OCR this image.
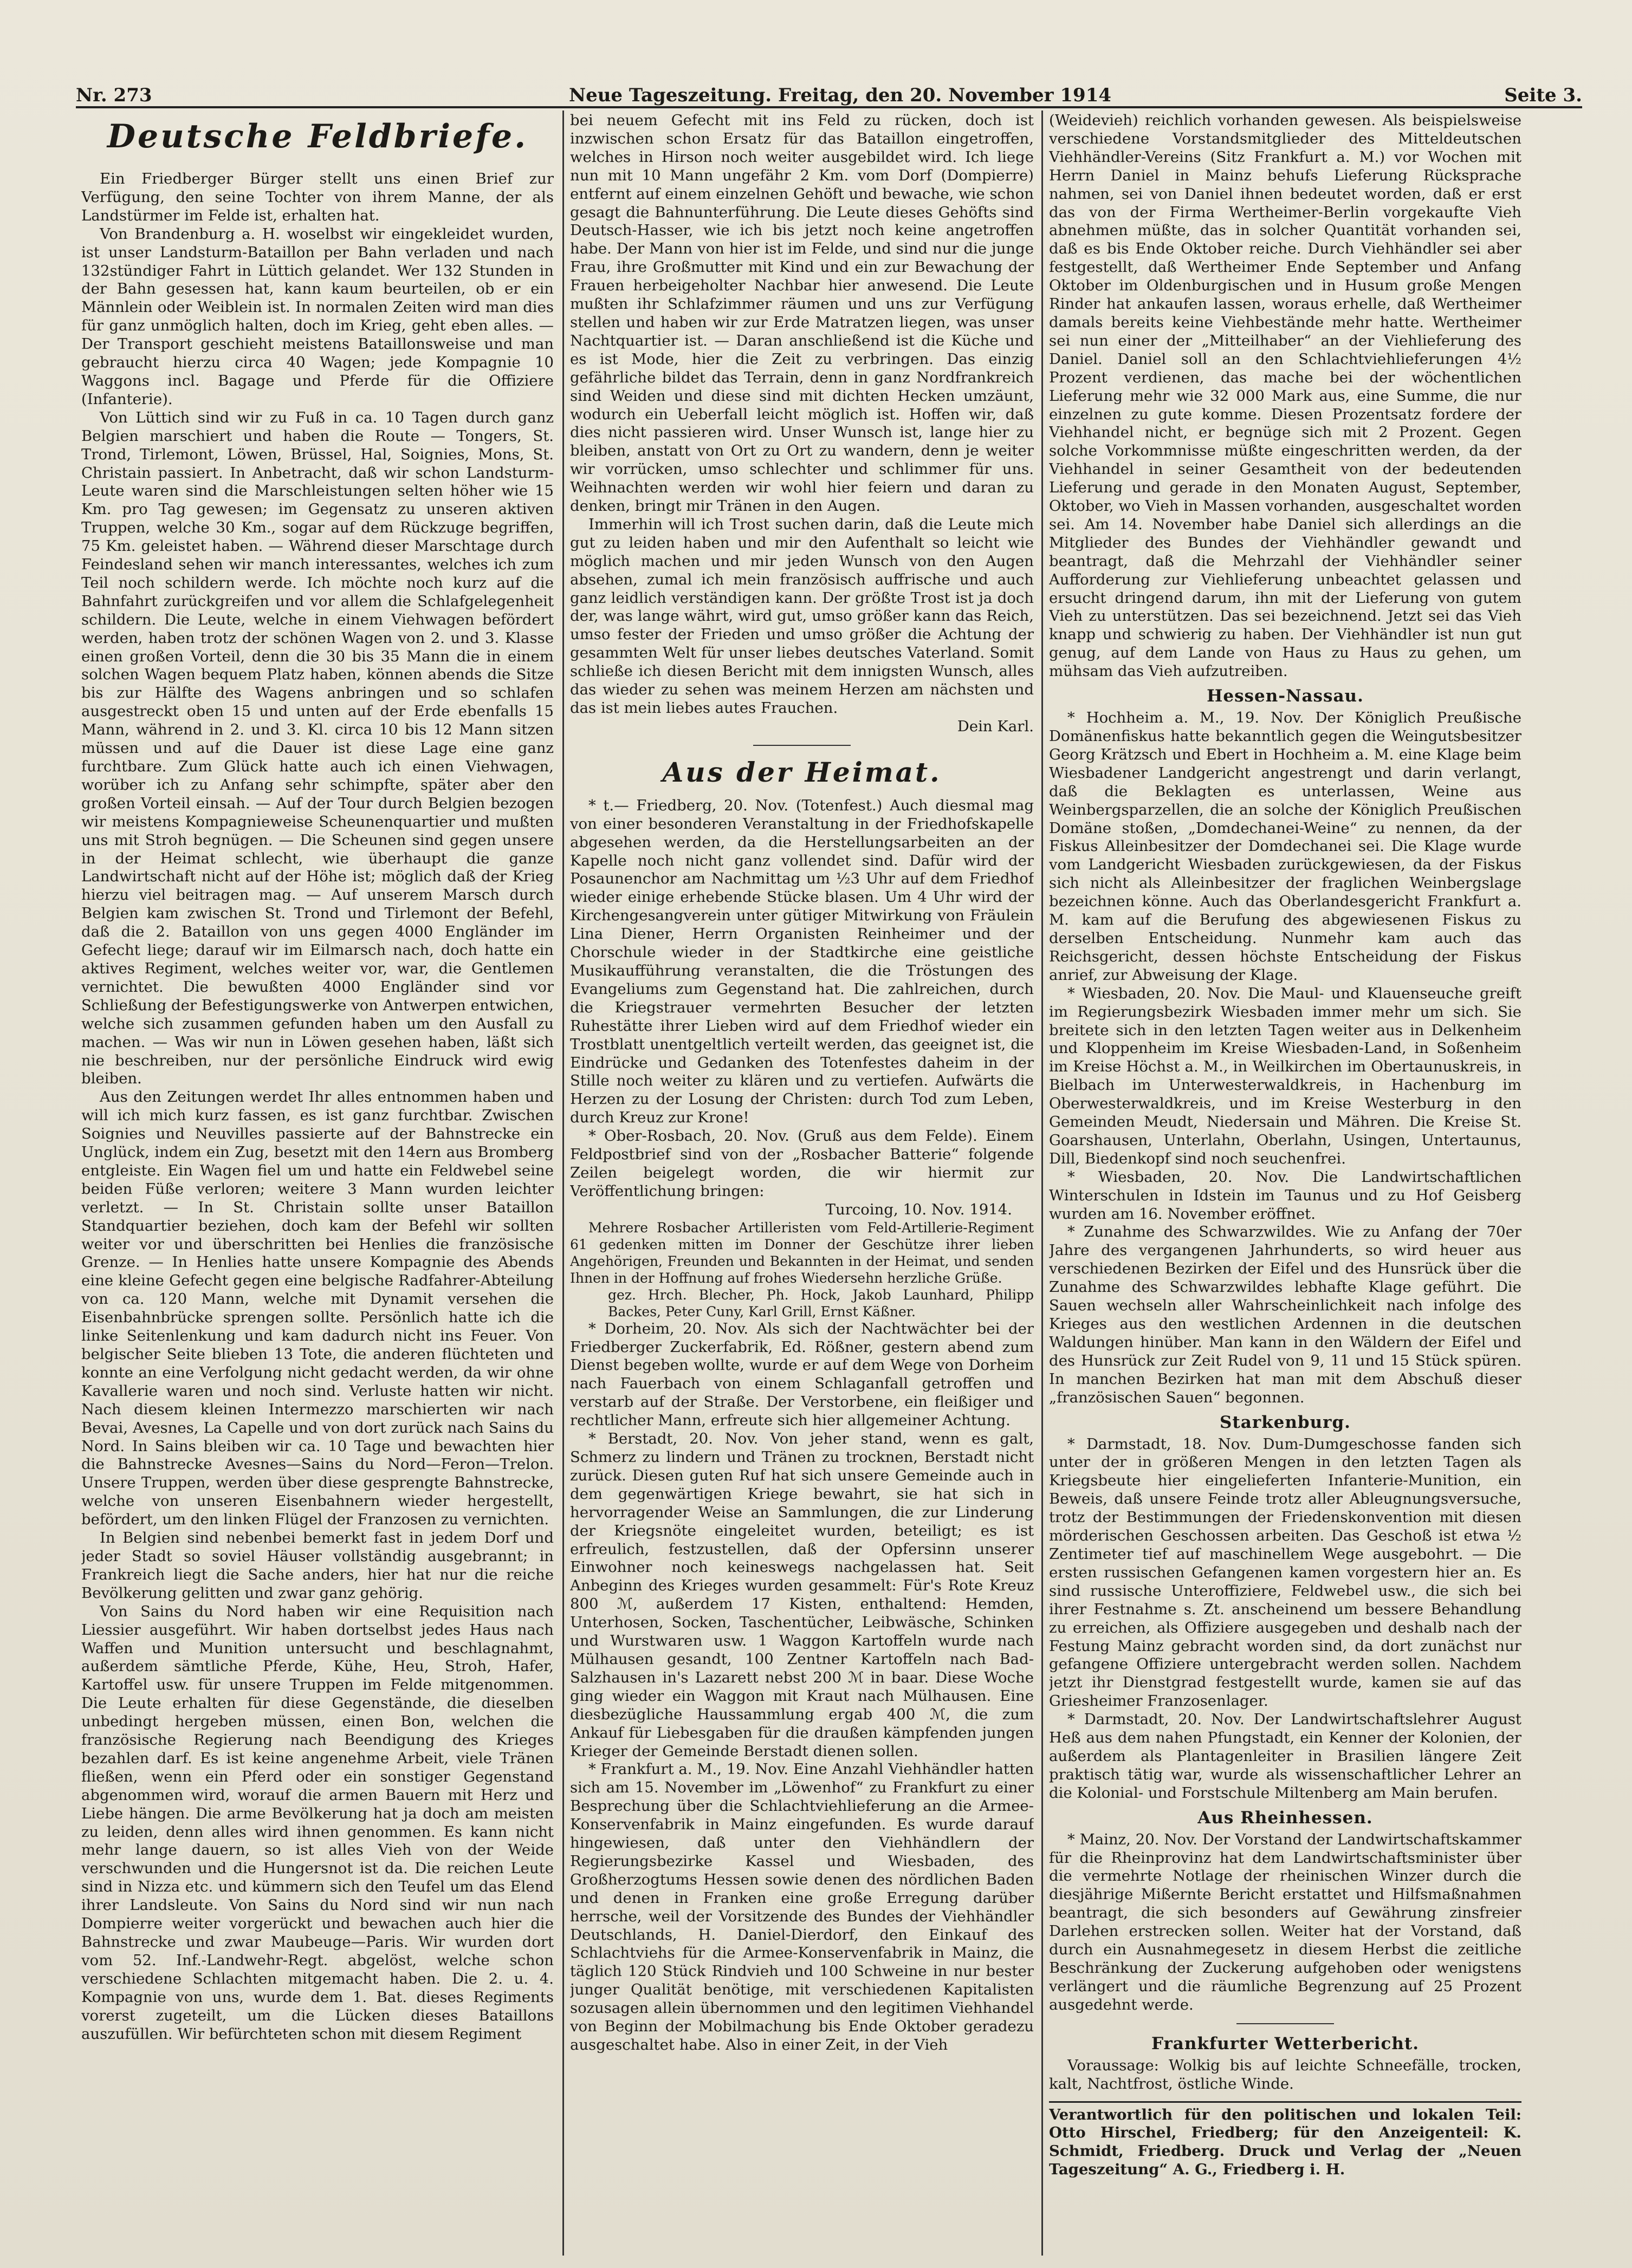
Nr. 273	Neue Tageszeitung. Freitag, den 20. November 1914	Seite 3.
Deutsche Feldbriefe.

Ein Friedberger Bürger stellt uns einen Brief zur Verfügung, den seine Tochter von ihrem Manne, der als Landstürmer im Felde ist, erhalten hat.

Von Brandenburg a. H. woselbst wir eingekleidet wurden, ist unser Landsturm-Bataillon per Bahn verladen und nach 132stündiger Fahrt in Lüttich gelandet. Wer 132 Stunden in der Bahn gesessen hat, kann kaum beurteilen, ob er ein Männlein oder Weiblein ist. In normalen Zeiten wird man dies für ganz unmöglich halten, doch im Krieg, geht eben alles. — Der Transport geschieht meistens Bataillonsweise und man gebraucht hierzu circa 40 Wagen; jede Kompagnie 10 Waggons incl. Bagage und Pferde für die Offiziere (Infanterie).

Von Lüttich sind wir zu Fuß in ca. 10 Tagen durch ganz Belgien marschiert und haben die Route — Tongers, St. Trond, Tirlemont, Löwen, Brüssel, Hal, Soignies, Mons, St. Christain passiert. In Anbetracht, daß wir schon Landsturm-Leute waren sind die Marschleistungen selten höher wie 15 Km. pro Tag gewesen; im Gegensatz zu unseren aktiven Truppen, welche 30 Km., sogar auf dem Rückzuge begriffen, 75 Km. geleistet haben. — Während dieser Marschtage durch Feindesland sehen wir manch interessantes, welches ich zum Teil noch schildern werde. Ich möchte noch kurz auf die Bahnfahrt zurückgreifen und vor allem die Schlafgelegenheit schildern. Die Leute, welche in einem Viehwagen befördert werden, haben trotz der schönen Wagen von 2. und 3. Klasse einen großen Vorteil, denn die 30 bis 35 Mann die in einem solchen Wagen bequem Platz haben, können abends die Sitze bis zur Hälfte des Wagens anbringen und so schlafen ausgestreckt oben 15 und unten auf der Erde ebenfalls 15 Mann, während in 2. und 3. Kl. circa 10 bis 12 Mann sitzen müssen und auf die Dauer ist diese Lage eine ganz furchtbare. Zum Glück hatte auch ich einen Viehwagen, worüber ich zu Anfang sehr schimpfte, später aber den großen Vorteil einsah. — Auf der Tour durch Belgien bezogen wir meistens Kompagnieweise Scheunenquartier und mußten uns mit Stroh begnügen. — Die Scheunen sind gegen unsere in der Heimat schlecht, wie überhaupt die ganze Landwirtschaft nicht auf der Höhe ist; möglich daß der Krieg hierzu viel beitragen mag. — Auf unserem Marsch durch Belgien kam zwischen St. Trond und Tirlemont der Befehl, daß die 2. Bataillon von uns gegen 4000 Engländer im Gefecht liege; darauf wir im Eilmarsch nach, doch hatte ein aktives Regiment, welches weiter vor, war, die Gentlemen vernichtet. Die bewußten 4000 Engländer sind vor Schließung der Befestigungswerke von Antwerpen entwichen, welche sich zusammen gefunden haben um den Ausfall zu machen. — Was wir nun in Löwen gesehen haben, läßt sich nie beschreiben, nur der persönliche Eindruck wird ewig bleiben.

Aus den Zeitungen werdet Ihr alles entnommen haben und will ich mich kurz fassen, es ist ganz furchtbar. Zwischen Soignies und Neuvilles passierte auf der Bahnstrecke ein Unglück, indem ein Zug, besetzt mit den 14ern aus Bromberg entgleiste. Ein Wagen fiel um und hatte ein Feldwebel seine beiden Füße verloren; weitere 3 Mann wurden leichter verletzt. — In St. Christain sollte unser Bataillon Standquartier beziehen, doch kam der Befehl wir sollten weiter vor und überschritten bei Henlies die französische Grenze. — In Henlies hatte unsere Kompagnie des Abends eine kleine Gefecht gegen eine belgische Radfahrer-Abteilung von ca. 120 Mann, welche mit Dynamit versehen die Eisenbahnbrücke sprengen sollte. Persönlich hatte ich die linke Seitenlenkung und kam dadurch nicht ins Feuer. Von belgischer Seite blieben 13 Tote, die anderen flüchteten und konnte an eine Verfolgung nicht gedacht werden, da wir ohne Kavallerie waren und noch sind. Verluste hatten wir nicht. Nach diesem kleinen Intermezzo marschierten wir nach Bevai, Avesnes, La Capelle und von dort zurück nach Sains du Nord. In Sains bleiben wir ca. 10 Tage und bewachten hier die Bahnstrecke Avesnes—Sains du Nord—Feron—Trelon. Unsere Truppen, werden über diese gesprengte Bahnstrecke, welche von unseren Eisenbahnern wieder hergestellt, befördert, um den linken Flügel der Franzosen zu vernichten.

In Belgien sind nebenbei bemerkt fast in jedem Dorf und jeder Stadt so soviel Häuser vollständig ausgebrannt; in Frankreich liegt die Sache anders, hier hat nur die reiche Bevölkerung gelitten und zwar ganz gehörig.

Von Sains du Nord haben wir eine Requisition nach Liessier ausgeführt. Wir haben dortselbst jedes Haus nach Waffen und Munition untersucht und beschlagnahmt, außerdem sämtliche Pferde, Kühe, Heu, Stroh, Hafer, Kartoffel usw. für unsere Truppen im Felde mitgenommen. Die Leute erhalten für diese Gegenstände, die dieselben unbedingt hergeben müssen, einen Bon, welchen die französische Regierung nach Beendigung des Krieges bezahlen darf. Es ist keine angenehme Arbeit, viele Tränen fließen, wenn ein Pferd oder ein sonstiger Gegenstand abgenommen wird, worauf die armen Bauern mit Herz und Liebe hängen. Die arme Bevölkerung hat ja doch am meisten zu leiden, denn alles wird ihnen genommen. Es kann nicht mehr lange dauern, so ist alles Vieh von der Weide verschwunden und die Hungersnot ist da. Die reichen Leute sind in Nizza etc. und kümmern sich den Teufel um das Elend ihrer Landsleute. Von Sains du Nord sind wir nun nach Dompierre weiter vorgerückt und bewachen auch hier die Bahnstrecke und zwar Maubeuge—Paris. Wir wurden dort vom 52. Inf.-Landwehr-Regt. abgelöst, welche schon verschiedene Schlachten mitgemacht haben. Die 2. u. 4. Kompagnie von uns, wurde dem 1. Bat. dieses Regiments vorerst zugeteilt, um die Lücken dieses Bataillons auszufüllen. Wir befürchteten schon mit diesem Regiment

bei neuem Gefecht mit ins Feld zu rücken, doch ist inzwischen schon Ersatz für das Bataillon eingetroffen, welches in Hirson noch weiter ausgebildet wird. Ich liege nun mit 10 Mann ungefähr 2 Km. vom Dorf (Dompierre) entfernt auf einem einzelnen Gehöft und bewache, wie schon gesagt die Bahnunterführung. Die Leute dieses Gehöfts sind Deutsch-Hasser, wie ich bis jetzt noch keine angetroffen habe. Der Mann von hier ist im Felde, und sind nur die junge Frau, ihre Großmutter mit Kind und ein zur Bewachung der Frauen herbeigeholter Nachbar hier anwesend. Die Leute mußten ihr Schlafzimmer räumen und uns zur Verfügung stellen und haben wir zur Erde Matratzen liegen, was unser Nachtquartier ist. — Daran anschließend ist die Küche und es ist Mode, hier die Zeit zu verbringen. Das einzig gefährliche bildet das Terrain, denn in ganz Nordfrankreich sind Weiden und diese sind mit dichten Hecken umzäunt, wodurch ein Ueberfall leicht möglich ist. Hoffen wir, daß dies nicht passieren wird. Unser Wunsch ist, lange hier zu bleiben, anstatt von Ort zu Ort zu wandern, denn je weiter wir vorrücken, umso schlechter und schlimmer für uns. Weihnachten werden wir wohl hier feiern und daran zu denken, bringt mir Tränen in den Augen.

Immerhin will ich Trost suchen darin, daß die Leute mich gut zu leiden haben und mir den Aufenthalt so leicht wie möglich machen und mir jeden Wunsch von den Augen absehen, zumal ich mein französisch auffrische und auch ganz leidlich verständigen kann. Der größte Trost ist ja doch der, was lange währt, wird gut, umso größer kann das Reich, umso fester der Frieden und umso größer die Achtung der gesammten Welt für unser liebes deutsches Vaterland. Somit schließe ich diesen Bericht mit dem innigsten Wunsch, alles das wieder zu sehen was meinem Herzen am nächsten und das ist mein liebes autes Frauchen.

Dein Karl.

Aus der Heimat.

* t.— Friedberg, 20. Nov. (Totenfest.) Auch diesmal mag von einer besonderen Veranstaltung in der Friedhofskapelle abgesehen werden, da die Herstellungsarbeiten an der Kapelle noch nicht ganz vollendet sind. Dafür wird der Posaunenchor am Nachmittag um ½3 Uhr auf dem Friedhof wieder einige erhebende Stücke blasen. Um 4 Uhr wird der Kirchengesangverein unter gütiger Mitwirkung von Fräulein Lina Diener, Herrn Organisten Reinheimer und der Chorschule wieder in der Stadtkirche eine geistliche Musikaufführung veranstalten, die die Tröstungen des Evangeliums zum Gegenstand hat. Die zahlreichen, durch die Kriegstrauer vermehrten Besucher der letzten Ruhestätte ihrer Lieben wird auf dem Friedhof wieder ein Trostblatt unentgeltlich verteilt werden, das geeignet ist, die Eindrücke und Gedanken des Totenfestes daheim in der Stille noch weiter zu klären und zu vertiefen. Aufwärts die Herzen zu der Losung der Christen: durch Tod zum Leben, durch Kreuz zur Krone!

* Ober-Rosbach, 20. Nov. (Gruß aus dem Felde). Einem Feldpostbrief sind von der „Rosbacher Batterie“ folgende Zeilen beigelegt worden, die wir hiermit zur Veröffentlichung bringen:

Turcoing, 10. Nov. 1914.

Mehrere Rosbacher Artilleristen vom Feld-Artillerie-Regiment 61 gedenken mitten im Donner der Geschütze ihrer lieben Angehörigen, Freunden und Bekannten in der Heimat, und senden Ihnen in der Hoffnung auf frohes Wiedersehn herzliche Grüße.

gez. Hrch. Blecher, Ph. Hock, Jakob Launhard, Philipp Backes, Peter Cuny, Karl Grill, Ernst Käßner.

* Dorheim, 20. Nov. Als sich der Nachtwächter bei der Friedberger Zuckerfabrik, Ed. Rößner, gestern abend zum Dienst begeben wollte, wurde er auf dem Wege von Dorheim nach Fauerbach von einem Schlaganfall getroffen und verstarb auf der Straße. Der Verstorbene, ein fleißiger und rechtlicher Mann, erfreute sich hier allgemeiner Achtung.

* Berstadt, 20. Nov. Von jeher stand, wenn es galt, Schmerz zu lindern und Tränen zu trocknen, Berstadt nicht zurück. Diesen guten Ruf hat sich unsere Gemeinde auch in dem gegenwärtigen Kriege bewahrt, sie hat sich in hervorragender Weise an Sammlungen, die zur Linderung der Kriegsnöte eingeleitet wurden, beteiligt; es ist erfreulich, festzustellen, daß der Opfersinn unserer Einwohner noch keineswegs nachgelassen hat. Seit Anbeginn des Krieges wurden gesammelt: Für's Rote Kreuz 800 ℳ, außerdem 17 Kisten, enthaltend: Hemden, Unterhosen, Socken, Taschentücher, Leibwäsche, Schinken und Wurstwaren usw. 1 Waggon Kartoffeln wurde nach Mülhausen gesandt, 100 Zentner Kartoffeln nach Bad-Salzhausen in's Lazarett nebst 200 ℳ in baar. Diese Woche ging wieder ein Waggon mit Kraut nach Mülhausen. Eine diesbezügliche Haussammlung ergab 400 ℳ, die zum Ankauf für Liebesgaben für die draußen kämpfenden jungen Krieger der Gemeinde Berstadt dienen sollen.

* Frankfurt a. M., 19. Nov. Eine Anzahl Viehhändler hatten sich am 15. November im „Löwenhof“ zu Frankfurt zu einer Besprechung über die Schlachtviehlieferung an die Armee-Konservenfabrik in Mainz eingefunden. Es wurde darauf hingewiesen, daß unter den Viehhändlern der Regierungsbezirke Kassel und Wiesbaden, des Großherzogtums Hessen sowie denen des nördlichen Baden und denen in Franken eine große Erregung darüber herrsche, weil der Vorsitzende des Bundes der Viehhändler Deutschlands, H. Daniel-Dierdorf, den Einkauf des Schlachtviehs für die Armee-Konservenfabrik in Mainz, die täglich 120 Stück Rindvieh und 100 Schweine in nur bester junger Qualität benötige, mit verschiedenen Kapitalisten sozusagen allein übernommen und den legitimen Viehhandel von Beginn der Mobilmachung bis Ende Oktober geradezu ausgeschaltet habe. Also in einer Zeit, in der Vieh

(Weidevieh) reichlich vorhanden gewesen. Als beispielsweise verschiedene Vorstandsmitglieder des Mitteldeutschen Viehhändler-Vereins (Sitz Frankfurt a. M.) vor Wochen mit Herrn Daniel in Mainz behufs Lieferung Rücksprache nahmen, sei von Daniel ihnen bedeutet worden, daß er erst das von der Firma Wertheimer-Berlin vorgekaufte Vieh abnehmen müßte, das in solcher Quantität vorhanden sei, daß es bis Ende Oktober reiche. Durch Viehhändler sei aber festgestellt, daß Wertheimer Ende September und Anfang Oktober im Oldenburgischen und in Husum große Mengen Rinder hat ankaufen lassen, woraus erhelle, daß Wertheimer damals bereits keine Viehbestände mehr hatte. Wertheimer sei nun einer der „Mitteilhaber“ an der Viehlieferung des Daniel. Daniel soll an den Schlachtviehlieferungen 4½ Prozent verdienen, das mache bei der wöchentlichen Lieferung mehr wie 32 000 Mark aus, eine Summe, die nur einzelnen zu gute komme. Diesen Prozentsatz fordere der Viehhandel nicht, er begnüge sich mit 2 Prozent. Gegen solche Vorkommnisse müßte eingeschritten werden, da der Viehhandel in seiner Gesamtheit von der bedeutenden Lieferung und gerade in den Monaten August, September, Oktober, wo Vieh in Massen vorhanden, ausgeschaltet worden sei. Am 14. November habe Daniel sich allerdings an die Mitglieder des Bundes der Viehhändler gewandt und beantragt, daß die Mehrzahl der Viehhändler seiner Aufforderung zur Viehlieferung unbeachtet gelassen und ersucht dringend darum, ihn mit der Lieferung von gutem Vieh zu unterstützen. Das sei bezeichnend. Jetzt sei das Vieh knapp und schwierig zu haben. Der Viehhändler ist nun gut genug, auf dem Lande von Haus zu Haus zu gehen, um mühsam das Vieh aufzutreiben.

Hessen-Nassau.

* Hochheim a. M., 19. Nov. Der Königlich Preußische Domänenfiskus hatte bekanntlich gegen die Weingutsbesitzer Georg Krätzsch und Ebert in Hochheim a. M. eine Klage beim Wiesbadener Landgericht angestrengt und darin verlangt, daß die Beklagten es unterlassen, Weine aus Weinbergsparzellen, die an solche der Königlich Preußischen Domäne stoßen, „Domdechanei-Weine“ zu nennen, da der Fiskus Alleinbesitzer der Domdechanei sei. Die Klage wurde vom Landgericht Wiesbaden zurückgewiesen, da der Fiskus sich nicht als Alleinbesitzer der fraglichen Weinbergslage bezeichnen könne. Auch das Oberlandesgericht Frankfurt a. M. kam auf die Berufung des abgewiesenen Fiskus zu derselben Entscheidung. Nunmehr kam auch das Reichsgericht, dessen höchste Entscheidung der Fiskus anrief, zur Abweisung der Klage.

* Wiesbaden, 20. Nov. Die Maul- und Klauenseuche greift im Regierungsbezirk Wiesbaden immer mehr um sich. Sie breitete sich in den letzten Tagen weiter aus in Delkenheim und Kloppenheim im Kreise Wiesbaden-Land, in Soßenheim im Kreise Höchst a. M., in Weilkirchen im Obertaunuskreis, in Bielbach im Unterwesterwaldkreis, in Hachenburg im Oberwesterwaldkreis, und im Kreise Westerburg in den Gemeinden Meudt, Niedersain und Mähren. Die Kreise St. Goarshausen, Unterlahn, Oberlahn, Usingen, Untertaunus, Dill, Biedenkopf sind noch seuchenfrei.

* Wiesbaden, 20. Nov. Die Landwirtschaftlichen Winterschulen in Idstein im Taunus und zu Hof Geisberg wurden am 16. November eröffnet.

* Zunahme des Schwarzwildes. Wie zu Anfang der 70er Jahre des vergangenen Jahrhunderts, so wird heuer aus verschiedenen Bezirken der Eifel und des Hunsrück über die Zunahme des Schwarzwildes lebhafte Klage geführt. Die Sauen wechseln aller Wahrscheinlichkeit nach infolge des Krieges aus den westlichen Ardennen in die deutschen Waldungen hinüber. Man kann in den Wäldern der Eifel und des Hunsrück zur Zeit Rudel von 9, 11 und 15 Stück spüren. In manchen Bezirken hat man mit dem Abschuß dieser „französischen Sauen“ begonnen.

Starkenburg.

* Darmstadt, 18. Nov. Dum-Dumgeschosse fanden sich unter der in größeren Mengen in den letzten Tagen als Kriegsbeute hier eingelieferten Infanterie-Munition, ein Beweis, daß unsere Feinde trotz aller Ableugnungsversuche, trotz der Bestimmungen der Friedenskonvention mit diesen mörderischen Geschossen arbeiten. Das Geschoß ist etwa ½ Zentimeter tief auf maschinellem Wege ausgebohrt. — Die ersten russischen Gefangenen kamen vorgestern hier an. Es sind russische Unteroffiziere, Feldwebel usw., die sich bei ihrer Festnahme s. Zt. anscheinend um bessere Behandlung zu erreichen, als Offiziere ausgegeben und deshalb nach der Festung Mainz gebracht worden sind, da dort zunächst nur gefangene Offiziere untergebracht werden sollen. Nachdem jetzt ihr Dienstgrad festgestellt wurde, kamen sie auf das Griesheimer Franzosenlager.

* Darmstadt, 20. Nov. Der Landwirtschaftslehrer August Heß aus dem nahen Pfungstadt, ein Kenner der Kolonien, der außerdem als Plantagenleiter in Brasilien längere Zeit praktisch tätig war, wurde als wissenschaftlicher Lehrer an die Kolonial- und Forstschule Miltenberg am Main berufen.

Aus Rheinhessen.

* Mainz, 20. Nov. Der Vorstand der Landwirtschaftskammer für die Rheinprovinz hat dem Landwirtschaftsminister über die vermehrte Notlage der rheinischen Winzer durch die diesjährige Mißernte Bericht erstattet und Hilfsmaßnahmen beantragt, die sich besonders auf Gewährung zinsfreier Darlehen erstrecken sollen. Weiter hat der Vorstand, daß durch ein Ausnahmegesetz in diesem Herbst die zeitliche Beschränkung der Zuckerung aufgehoben oder wenigstens verlängert und die räumliche Begrenzung auf 25 Prozent ausgedehnt werde.

Frankfurter Wetterbericht.

Voraussage: Wolkig bis auf leichte Schneefälle, trocken, kalt, Nachtfrost, östliche Winde.

Verantwortlich für den politischen und lokalen Teil: Otto Hirschel, Friedberg; für den Anzeigenteil: K. Schmidt, Friedberg. Druck und Verlag der „Neuen Tageszeitung“ A. G., Friedberg i. H.
